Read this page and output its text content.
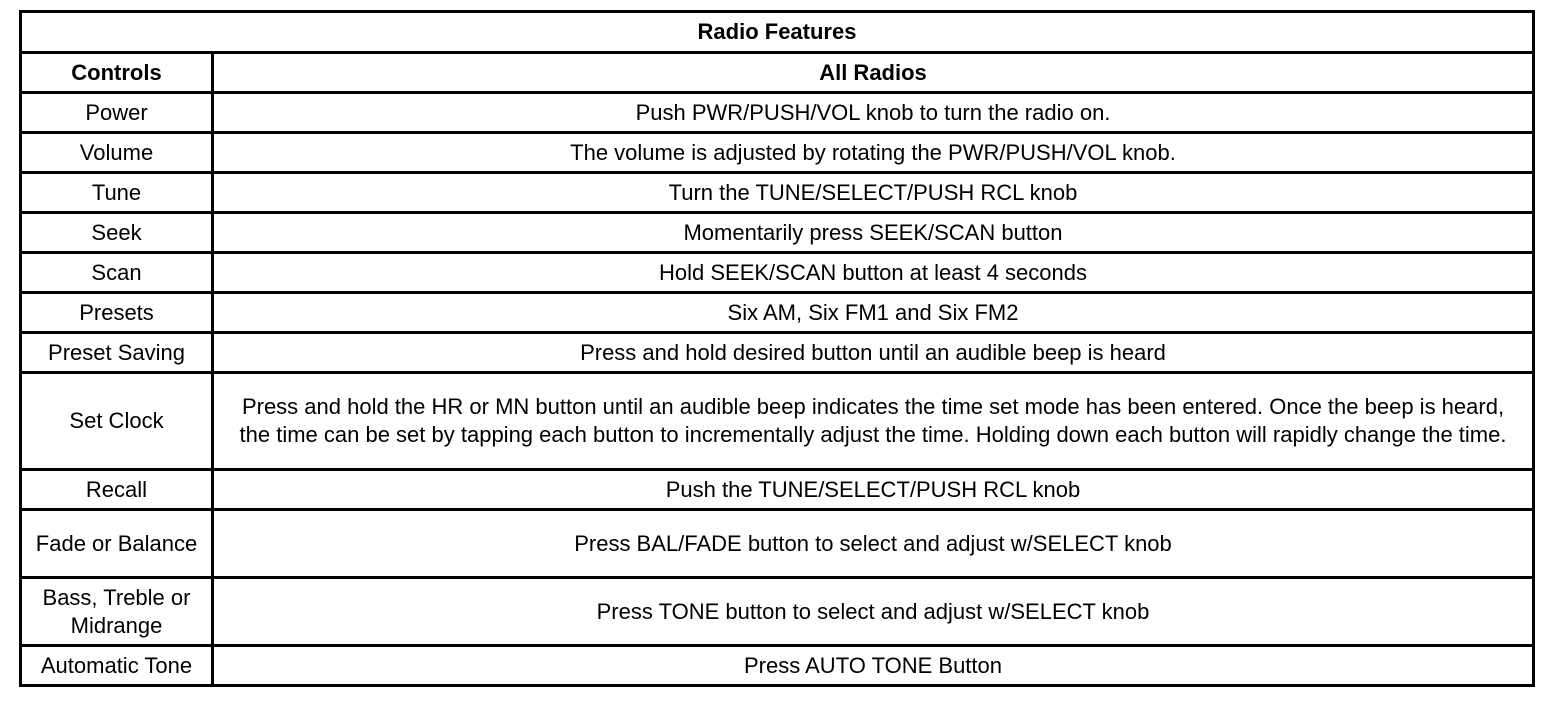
Radio Features	
Controls	All Radios
Power	Push PWR/PUSH/VOL knob to turn the radio on.
Volume	The volume is adjusted by rotating the PWR/PUSH/VOL knob.
Tune	Turn the TUNE/SELECT/PUSH RCL knob
Seek	Momentarily press SEEK/SCAN button
Scan	Hold SEEK/SCAN button at least 4 seconds
Presets	Six AM, Six FM1 and Six FM2
Preset Saving	Press and hold desired button until an audible beep is heard
Set Clock	Press and hold the HR or MN button until an audible beep indicates the time set mode has been entered. Once the beep is heard, the time can be set by tapping each button to incrementally adjust the time. Holding down each button will rapidly change the time.
Recall	Push the TUNE/SELECT/PUSH RCL knob
Fade or Balance	Press BAL/FADE button to select and adjust w/SELECT knob
Bass, Treble or Midrange	Press TONE button to select and adjust w/SELECT knob
Automatic Tone	Press AUTO TONE Button
